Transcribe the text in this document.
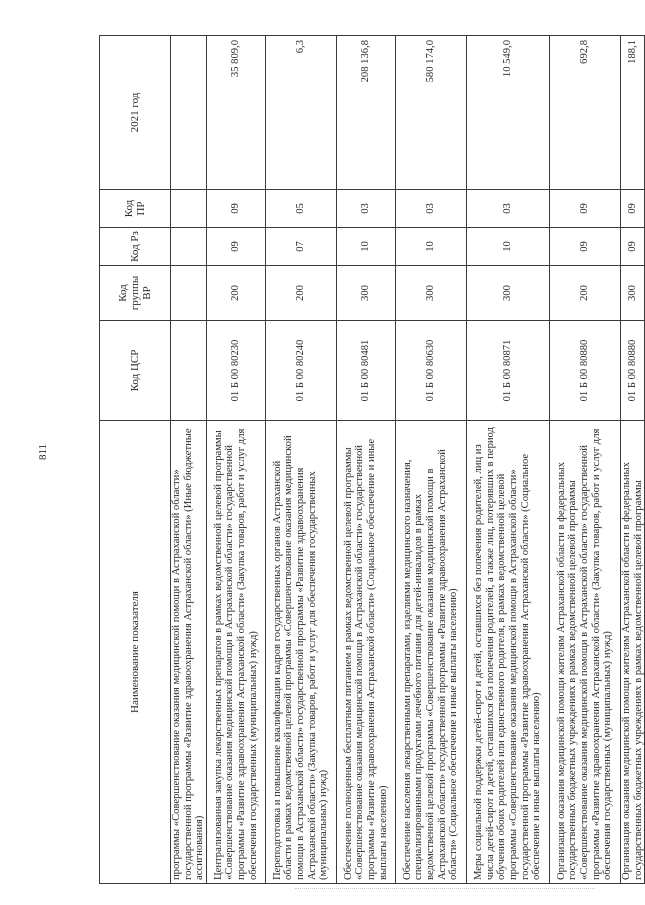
811
Наименование показателя	Код ЦСР	Код группы ВР	Код Рз	Код ПР	2021 год
программы «Совершенствование оказания медицинской помощи в Астраханской области» государственной программы «Развитие здравоохранения Астраханской области» (Иные бюджетные ассигнования)					
Централизованная закупка лекарственных препаратов в рамках ведомственной целевой программы «Совершенствование оказания медицинской помощи в Астраханской области» государственной программы «Развитие здравоохранения Астраханской области» (Закупка товаров, работ и услуг для обеспечения государственных (муниципальных) нужд)	01 Б 00 80230	200	09	09	35 809,0
Переподготовка и повышение квалификации кадров государственных органов Астраханской области в рамках ведомственной целевой программы «Совершенствование оказания медицинской помощи в Астраханской области» государственной программы «Развитие здравоохранения Астраханской области» (Закупка товаров, работ и услуг для обеспечения государственных (муниципальных) нужд)	01 Б 00 80240	200	07	05	6,3
Обеспечение полноценным бесплатным питанием в рамках ведомственной целевой программы «Совершенствование оказания медицинской помощи в Астраханской области» государственной программы «Развитие здравоохранения Астраханской области» (Социальное обеспечение и иные выплаты населению)	01 Б 00 80481	300	10	03	208 136,8
Обеспечение населения лекарственными препаратами, изделиями медицинского назначения, специализированными продуктами лечебного питания для детей-инвалидов в рамках ведомственной целевой программы «Совершенствование оказания медицинской помощи в Астраханской области» государственной программы «Развитие здравоохранения Астраханской области» (Социальное обеспечение и иные выплаты населению)	01 Б 00 80630	300	10	03	580 174,0
Меры социальной поддержки детей-сирот и детей, оставшихся без попечения родителей, лиц из числа детей-сирот и детей, оставшихся без попечения родителей, а также лиц, потерявших в период обучения обоих родителей или единственного родителя, в рамках ведомственной целевой программы «Совершенствование оказания медицинской помощи в Астраханской области» государственной программы «Развитие здравоохранения Астраханской области» (Социальное обеспечение и иные выплаты населению)	01 Б 00 80871	300	10	03	10 549,0
Организация оказания медицинской помощи жителям Астраханской области в федеральных государственных бюджетных учреждениях в рамках ведомственной целевой программы «Совершенствование оказания медицинской помощи в Астраханской области» государственной программы «Развитие здравоохранения Астраханской области» (Закупка товаров, работ и услуг для обеспечения государственных (муниципальных) нужд)	01 Б 00 80880	200	09	09	692,8
Организация оказания медицинской помощи жителям Астраханской области в федеральных государственных бюджетных учреждениях в рамках ведомственной целевой программы	01 Б 00 80880	300	09	09	188,1
